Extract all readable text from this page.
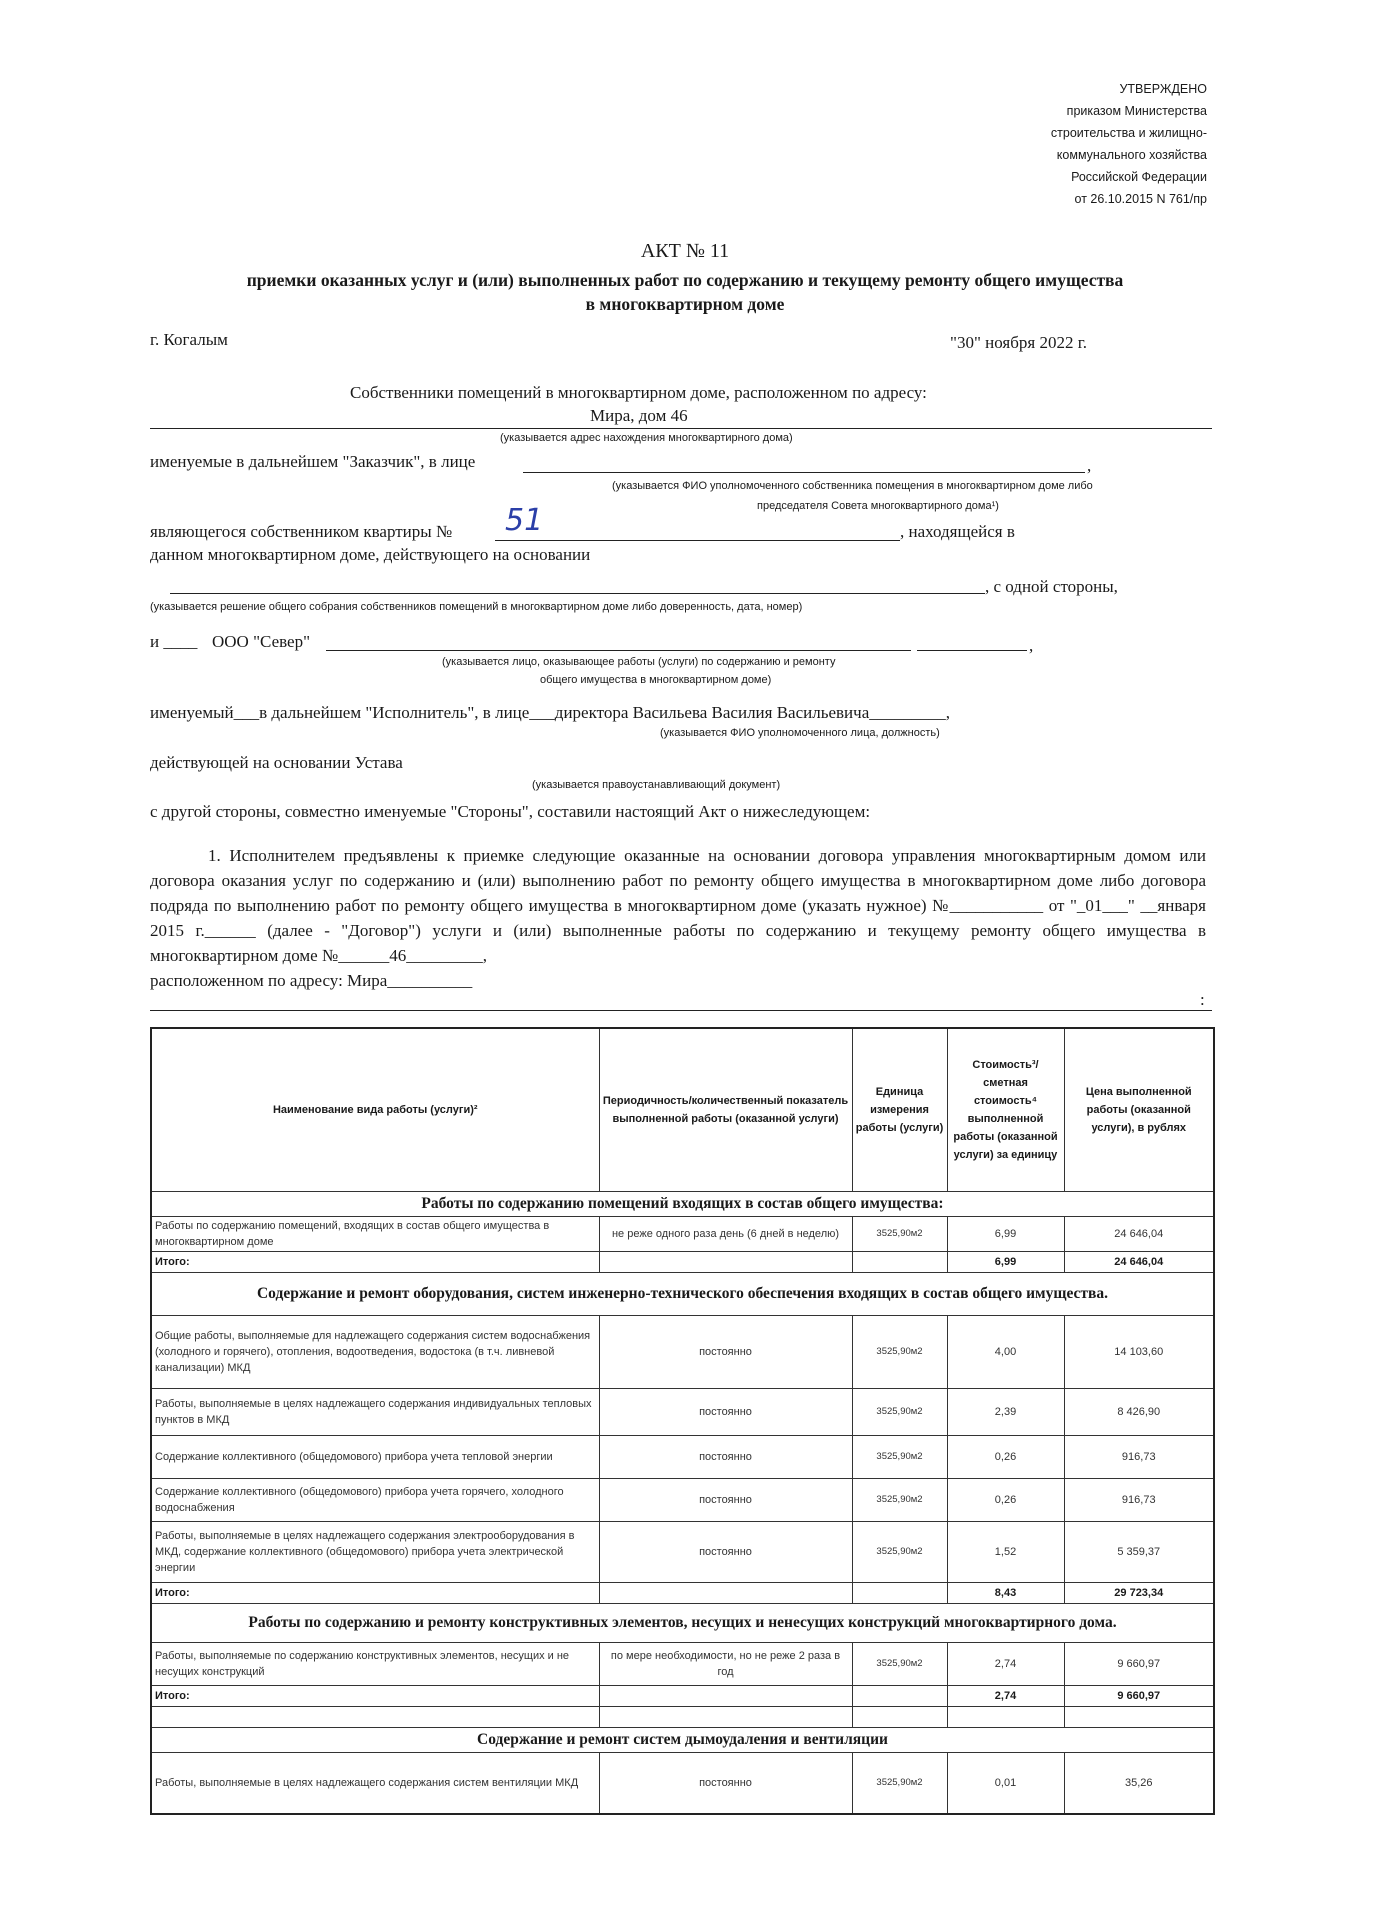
УТВЕРЖДЕНО
приказом Министерства
строительства и жилищно-
коммунального хозяйства
Российской Федерации
от 26.10.2015 N 761/пр
АКТ № 11
приемки оказанных услуг и (или) выполненных работ по содержанию и текущему ремонту общего имущества
в многоквартирном доме
г. Когалым	"30" ноября 2022 г.
Собственники помещений в многоквартирном доме, расположенном по адресу:
Мира, дом 46
(указывается адрес нахождения многоквартирного дома)
именуемые в дальнейшем "Заказчик", в лице	,
(указывается ФИО уполномоченного собственника помещения в многоквартирном доме либо
председателя Совета многоквартирного дома¹)
являющегося собственником квартиры № 51	, находящейся в
данном многоквартирном доме, действующего на основании
, с одной стороны,
(указывается решение общего собрания собственников помещений в многоквартирном доме либо доверенность, дата, номер)
и ____ ООО "Север"	,
(указывается лицо, оказывающее работы (услуги) по содержанию и ремонту
общего имущества в многоквартирном доме)
именуемый___в дальнейшем "Исполнитель", в лице___директора Васильева Василия Васильевича_________,
(указывается ФИО уполномоченного лица, должность)
действующей на основании Устава
(указывается правоустанавливающий документ)
с другой стороны, совместно именуемые "Стороны", составили настоящий Акт о нижеследующем:

1. Исполнителем предъявлены к приемке следующие оказанные на основании договора управления многоквартирным домом или договора оказания услуг по содержанию и (или) выполнению работ по ремонту общего имущества в многоквартирном доме либо договора подряда по выполнению работ по ремонту общего имущества в многоквартирном доме (указать нужное) №___________ от "_01___" __января 2015 г.______ (далее - "Договор") услуги и (или) выполненные работы по содержанию и текущему ремонту общего имущества в многоквартирном доме №______46_________,

расположенном по адресу: Мира__________
:
Наименование вида работы (услуги)²	Периодичность/количественный показатель выполненной работы (оказанной услуги)	Единица измерения работы (услуги)	Стоимость³/сметная стоимость⁴ выполненной работы (оказанной услуги) за единицу	Цена выполненной работы (оказанной услуги), в рублях
Работы по содержанию помещений входящих в состав общего имущества:				
Работы по содержанию помещений, входящих в состав общего имущества в многоквартирном доме	не реже одного раза день (6 дней в неделю)	3525,90м2	6,99	24 646,04
Итого:			6,99	24 646,04
Содержание и ремонт оборудования, систем инженерно-технического обеспечения входящих в состав общего имущества.				
Общие работы, выполняемые для надлежащего содержания систем водоснабжения (холодного и горячего), отопления, водоотведения, водостока (в т.ч. ливневой канализации) МКД	постоянно	3525,90м2	4,00	14 103,60
Работы, выполняемые в целях надлежащего содержания индивидуальных тепловых пунктов в МКД	постоянно	3525,90м2	2,39	8 426,90
Содержание коллективного (общедомового) прибора учета тепловой энергии	постоянно	3525,90м2	0,26	916,73
Содержание коллективного (общедомового) прибора учета горячего, холодного водоснабжения	постоянно	3525,90м2	0,26	916,73
Работы, выполняемые в целях надлежащего содержания электрооборудования в МКД, содержание коллективного (общедомового) прибора учета электрической энергии	постоянно	3525,90м2	1,52	5 359,37
Итого:			8,43	29 723,34
Работы по содержанию и ремонту конструктивных элементов, несущих и ненесущих конструкций многоквартирного дома.				
Работы, выполняемые по содержанию конструктивных элементов, несущих и не несущих конструкций	по мере необходимости, но не реже 2 раза в год	3525,90м2	2,74	9 660,97
Итого:			2,74	9 660,97

Содержание и ремонт систем дымоудаления и вентиляции				
Работы, выполняемые в целях надлежащего содержания систем вентиляции МКД	постоянно	3525,90м2	0,01	35,26
